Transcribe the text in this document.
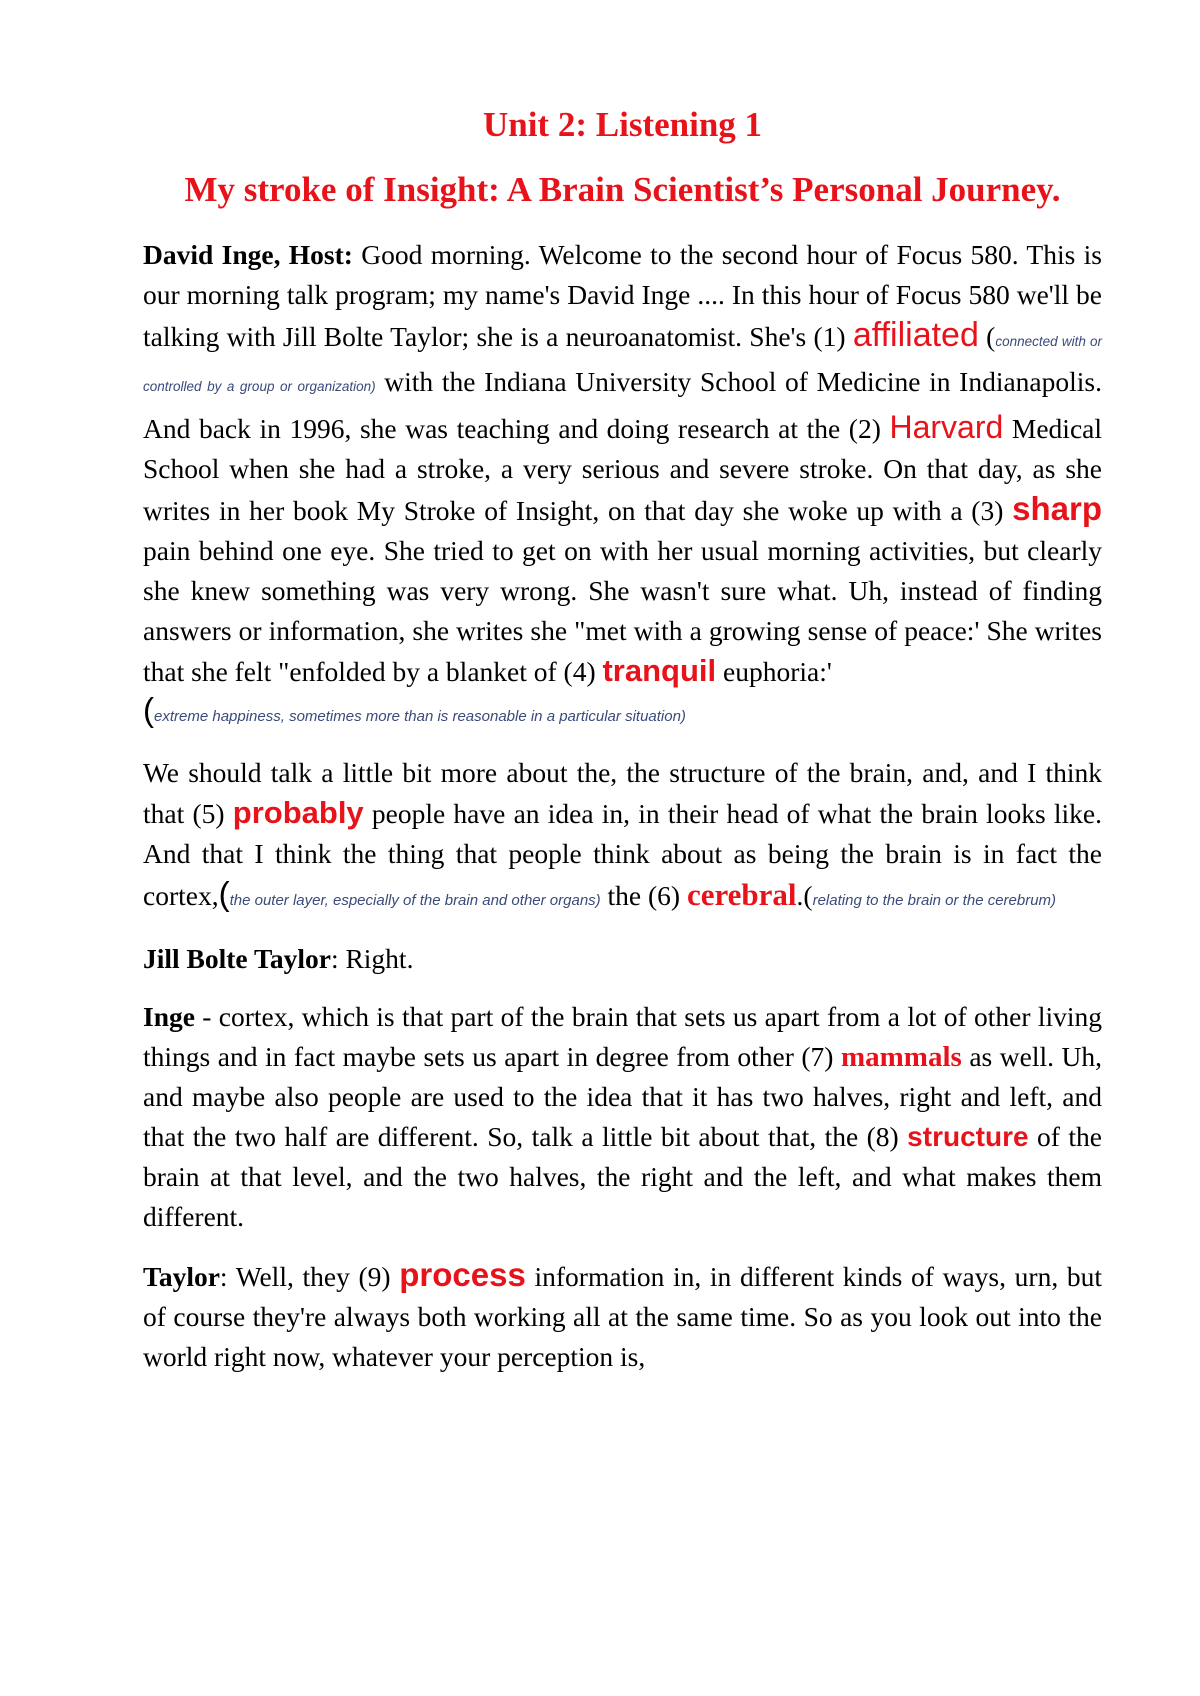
Unit 2: Listening 1
My stroke of Insight: A Brain Scientist’s Personal Journey.

David Inge, Host: Good morning. Welcome to the second hour of Focus 580. This is our morning talk program; my name's David Inge .... In this hour of Focus 580 we'll be talking with Jill Bolte Taylor; she is a neuroanatomist. She's (1) affiliated (connected with or controlled by a group or organization) with the Indiana University School of Medicine in Indianapolis. And back in 1996, she was teaching and doing research at the (2) Harvard Medical School when she had a stroke, a very serious and severe stroke. On that day, as she writes in her book My Stroke of Insight, on that day she woke up with a (3) sharp pain behind one eye. She tried to get on with her usual morning activities, but clearly she knew something was very wrong. She wasn't sure what. Uh, instead of finding answers or information, she writes she "met with a growing sense of peace:' She writes that she felt "enfolded by a blanket of (4) tranquil euphoria:'
(extreme happiness, sometimes more than is reasonable in a particular situation)

We should talk a little bit more about the, the structure of the brain, and, and I think that (5) probably people have an idea in, in their head of what the brain looks like. And that I think the thing that people think about as being the brain is in fact the cortex,(the outer layer, especially of the brain and other organs) the (6) cerebral.(relating to the brain or the cerebrum)

Jill Bolte Taylor: Right.

Inge - cortex, which is that part of the brain that sets us apart from a lot of other living things and in fact maybe sets us apart in degree from other (7) mammals as well. Uh, and maybe also people are used to the idea that it has two halves, right and left, and that the two half are different. So, talk a little bit about that, the (8) structure of the brain at that level, and the two halves, the right and the left, and what makes them different.

Taylor: Well, they (9) process information in, in different kinds of ways, urn, but of course they're always both working all at the same time. So as you look out into the world right now, whatever your perception is,
